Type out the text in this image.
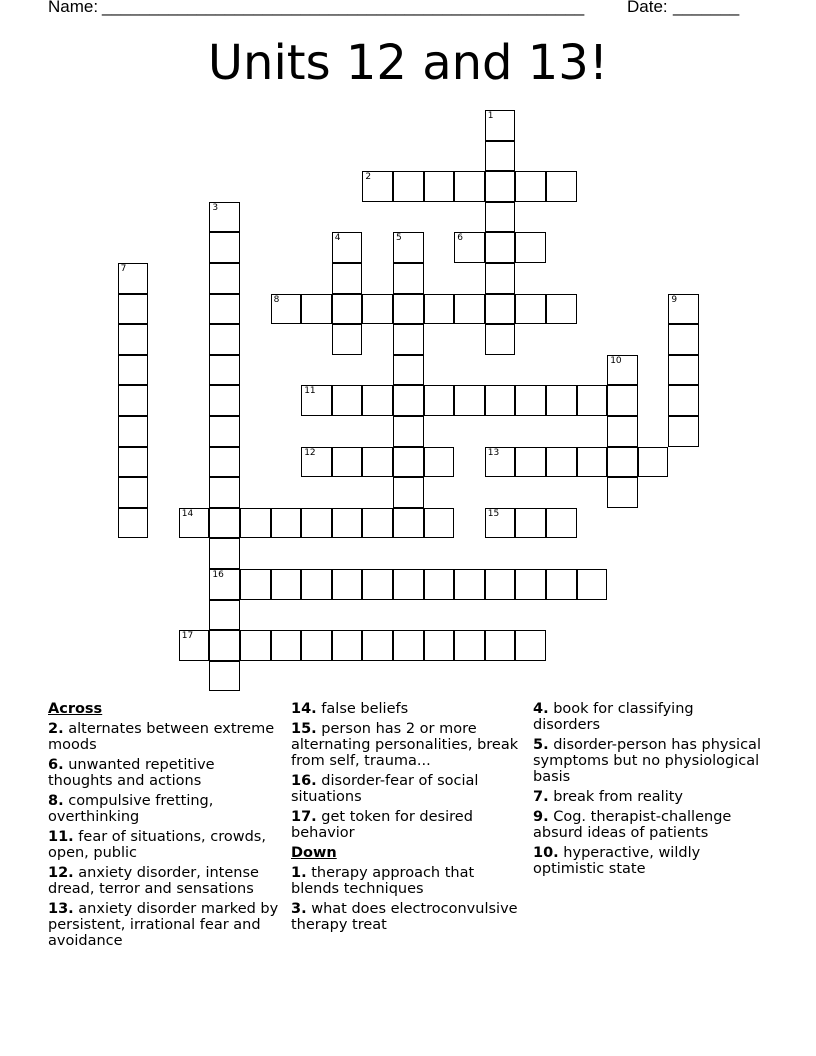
Name: ___________________________________________________	Date: _______
Units 12 and 13!
2
6
8
11
12	13
14	15
16
17
1
3
4	5
7
9
10
Across
2. alternates between extreme moods
6. unwanted repetitive thoughts and actions
8. compulsive fretting, overthinking
11. fear of situations, crowds, open, public
12. anxiety disorder, intense dread, terror and sensations
13. anxiety disorder marked by persistent, irrational fear and avoidance
14. false beliefs
15. person has 2 or more alternating personalities, break from self, trauma...
16. disorder-fear of social situations
17. get token for desired behavior
Down
1. therapy approach that blends techniques
3. what does electroconvulsive therapy treat
4. book for classifying disorders
5. disorder-person has physical symptoms but no physiological basis
7. break from reality
9. Cog. therapist-challenge absurd ideas of patients
10. hyperactive, wildly optimistic state
